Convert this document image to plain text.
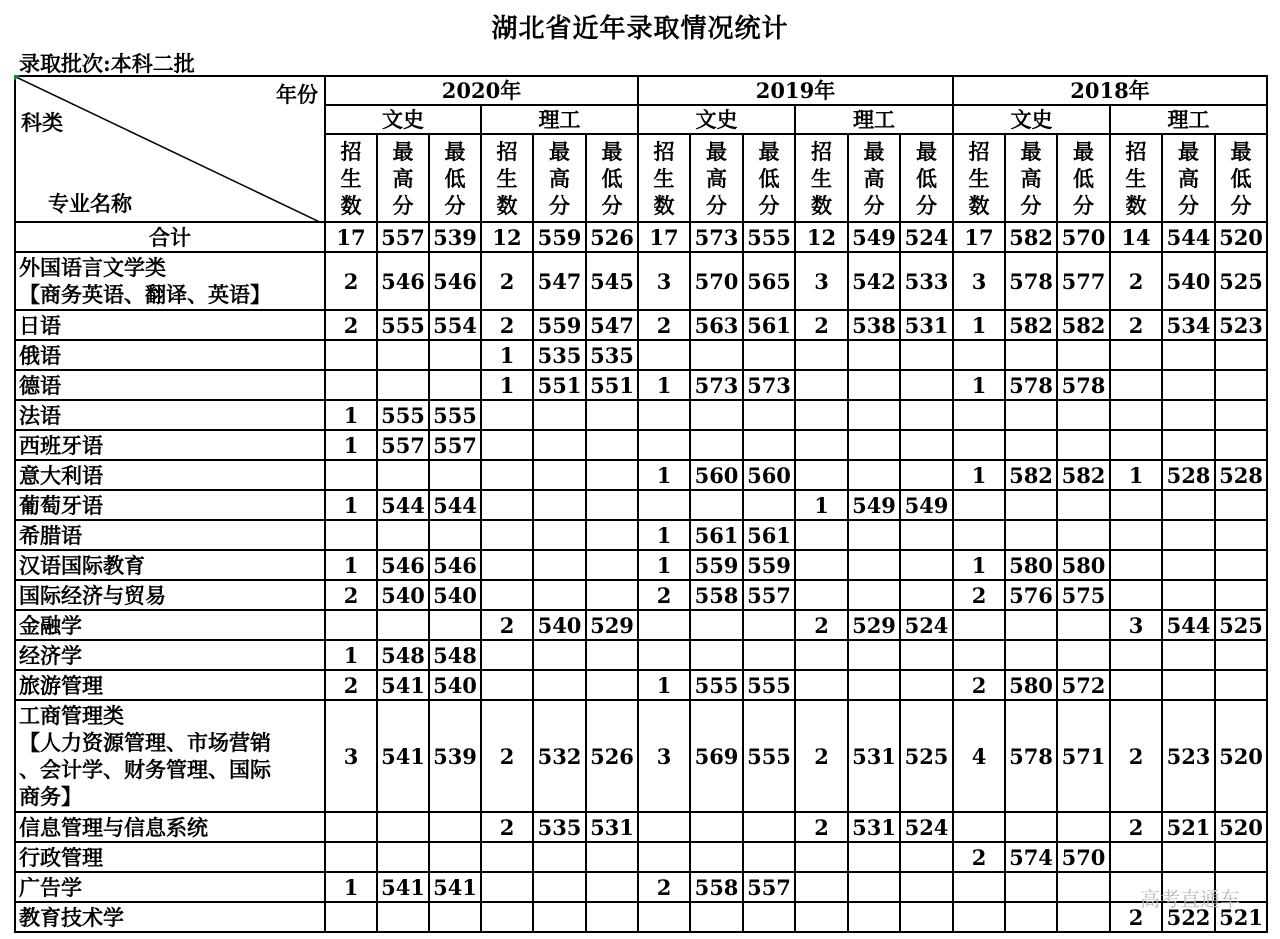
湖北省近年录取情况统计
录取批次:本科二批
年份
科类
专业名称	2020年						2019年						2018年					
	文史			理工			文史			理工			文史			理工		
	招生数	最高分	最低分	招生数	最高分	最低分	招生数	最高分	最低分	招生数	最高分	最低分	招生数	最高分	最低分	招生数	最高分	最低分

合计	17	557	539	12	559	526	17	573	555	12	549	524	17	582	570	14	544	520

外国语言文学类
【商务英语、翻译、英语】	2	546	546	2	547	545	3	570	565	3	542	533	3	578	577	2	540	525

日语	2	555	554	2	559	547	2	563	561	2	538	531	1	582	582	2	534	523

俄语				1	535	535												

德语				1	551	551	1	573	573				1	578	578			

法语	1	555	555															

西班牙语	1	557	557															

意大利语							1	560	560				1	582	582	1	528	528

葡萄牙语	1	544	544							1	549	549						

希腊语							1	561	561									

汉语国际教育	1	546	546				1	559	559				1	580	580			

国际经济与贸易	2	540	540				2	558	557				2	576	575			

金融学				2	540	529				2	529	524				3	544	525

经济学	1	548	548															

旅游管理	2	541	540				1	555	555				2	580	572			

工商管理类
【人力资源管理、市场营销
、会计学、财务管理、国际
商务】	3	541	539	2	532	526	3	569	555	2	531	525	4	578	571	2	523	520

信息管理与信息系统				2	535	531				2	531	524				2	521	520

行政管理													2	574	570			

广告学	1	541	541				2	558	557									

教育技术学																2	522	521
高考直通车
